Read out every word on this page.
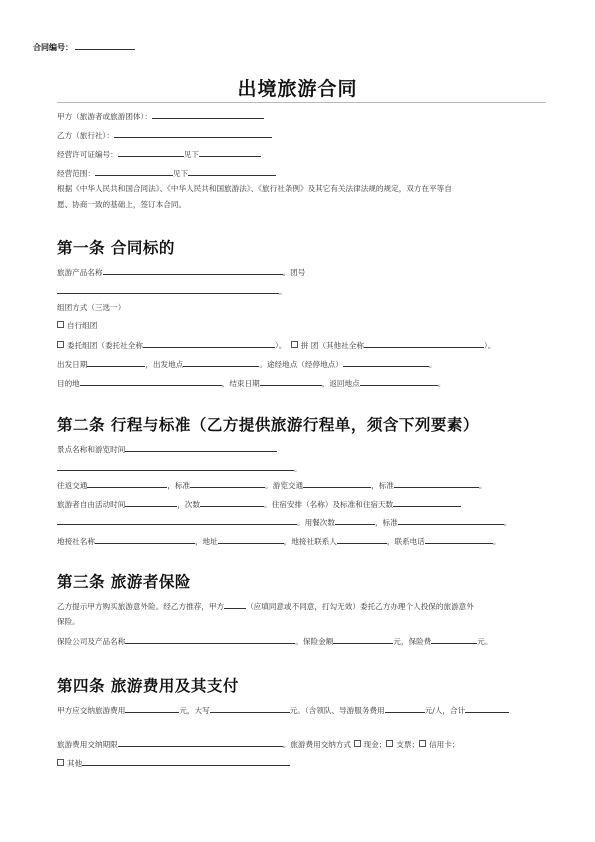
合同编号：
出境旅游合同
甲方（旅游者或旅游团体）：
乙方（旅行社）：
经营许可证编号：	见下
经营范围：	见下
根据《中华人民共和国合同法》、《中华人民共和国旅游法》、《旅行社条例》及其它有关法律法规的规定，双方在平等自
愿、协商一致的基础上，签订本合同。
第一条 合同标的
旅游产品名称	。团号
。
组团方式（三选一）
自行组团
委托组团（委托社全称	）。 拼 团（其他社全称	）。
出发日期	，出发地点	。途经地点（经停地点）	。
目的地	，结束日期	，返回地点	。
第二条 行程与标准（乙方提供旅游行程单，须含下列要素）
景点名称和游览时间
。
往返交通	，标准	。游览交通	，标准	。
旅游者自由活动时间	，次数	。住宿安排（名称）及标准和住宿天数
。用餐次数	，标准	。
地接社名称	，地址	，地接社联系人	，联系电话	。
第三条 旅游者保险
乙方提示甲方购买旅游意外险。经乙方推荐，甲方	（应填同意或不同意，打勾无效）委托乙方办理个人投保的旅游意外
保险。
保险公司及产品名称	。保险金额	元，保险费	元。
第四条 旅游费用及其支付
甲方应交纳旅游费用	元，大写	元。（含领队、导游服务费用	元/人，合计
旅游费用交纳期限	。旅游费用交纳方式 现金； 支票； 信用卡；
其他
